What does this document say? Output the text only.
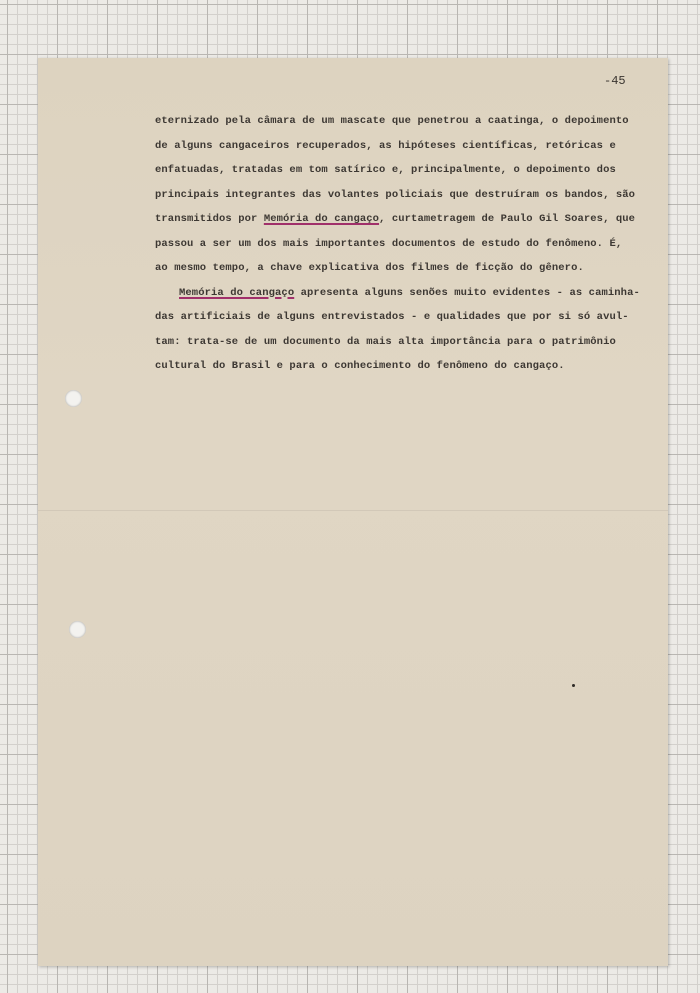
-45
eternizado pela câmara de um mascate que penetrou a caatinga, o depoimento
de alguns cangaceiros recuperados, as hipóteses científicas, retóricas e
enfatuadas, tratadas em tom satírico e, principalmente, o depoimento dos
principais integrantes das volantes policiais que destruíram os bandos, são
transmitidos por Memória do cangaço, curtametragem de Paulo Gil Soares, que
passou a ser um dos mais importantes documentos de estudo do fenômeno. É,
ao mesmo tempo, a chave explicativa dos filmes de ficção do gênero.
Memória do cangaço apresenta alguns senões muito evidentes - as caminha-
das artificiais de alguns entrevistados - e qualidades que por si só avul-
tam: trata-se de um documento da mais alta importância para o patrimônio
cultural do Brasil e para o conhecimento do fenômeno do cangaço.
